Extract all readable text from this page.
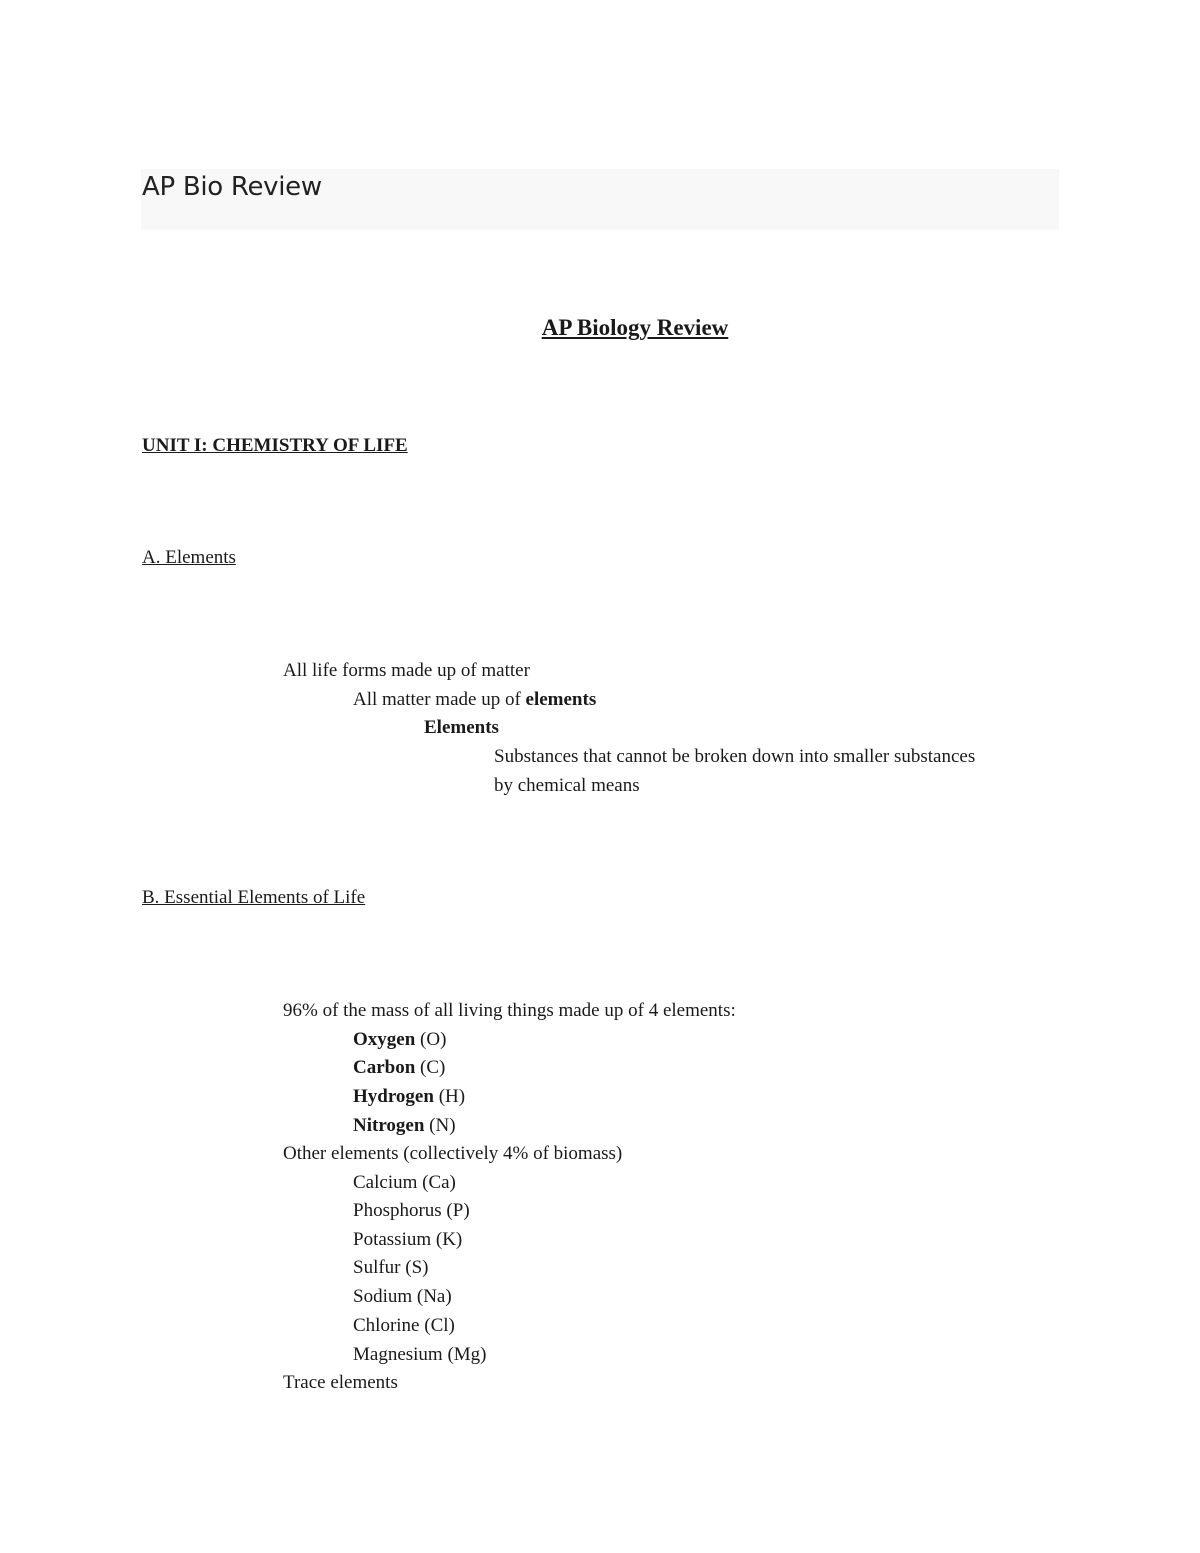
AP Bio Review
AP Biology Review
UNIT I: CHEMISTRY OF LIFE
A. Elements
All life forms made up of matter
All matter made up of elements
Elements
Substances that cannot be broken down into smaller substances
by chemical means
B. Essential Elements of Life
96% of the mass of all living things made up of 4 elements:
Oxygen (O)
Carbon (C)
Hydrogen (H)
Nitrogen (N)
Other elements (collectively 4% of biomass)
Calcium (Ca)
Phosphorus (P)
Potassium (K)
Sulfur (S)
Sodium (Na)
Chlorine (Cl)
Magnesium (Mg)
Trace elements
